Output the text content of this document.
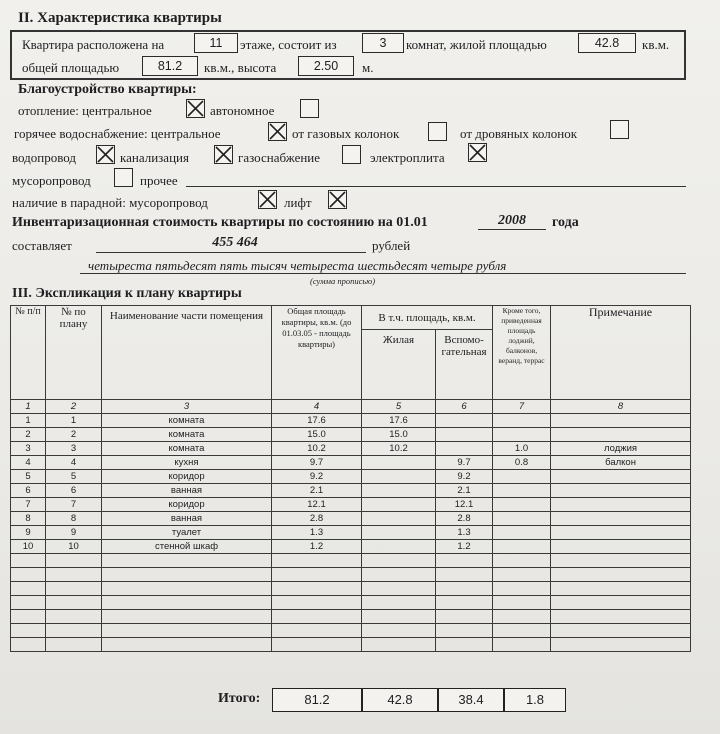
II. Характеристика квартиры
Квартира расположена на	11	этаже, состоит из	3	комнат, жилой площадью	42.8	кв.м.
общей площадью	81.2	кв.м., высота	2.50	м.
Благоустройство квартиры:
отопление: центральное	автономное
горячее водоснабжение: центральное	от газовых колонок	от дровяных колонок
водопровод	канализация	газоснабжение	электроплита
мусоропровод	прочее
наличие в парадной: мусоропровод	лифт
Инвентаризационная стоимость квартиры по состоянию на 01.01	2008	года
составляет	455 464	рублей
четыреста пятьдесят пять тысяч четыреста шестьдесят четыре рубля
(сумма прописью)
III. Экспликация к плану квартиры
№ п/п	№ по плану	Наименование части помещения	Общая площадь квартиры, кв.м. (до 01.03.05 - площадь квартиры)	В т.ч. площадь, кв.м.		Кроме того, приведенная площадь лоджий, балконов, веранд, террас	Примечание
				Жилая	Вспомо-гательная		
1	2	3	4	5	6	7	8
1	1	комната	17.6	17.6			
2	2	комната	15.0	15.0			
3	3	комната	10.2	10.2		1.0	лоджия
4	4	кухня	9.7		9.7	0.8	балкон
5	5	коридор	9.2		9.2		
6	6	ванная	2.1		2.1		
7	7	коридор	12.1		12.1		
8	8	ванная	2.8		2.8		
9	9	туалет	1.3		1.3		
10	10	стенной шкаф	1.2		1.2		

Итого:	81.2	42.8	38.4	1.8
